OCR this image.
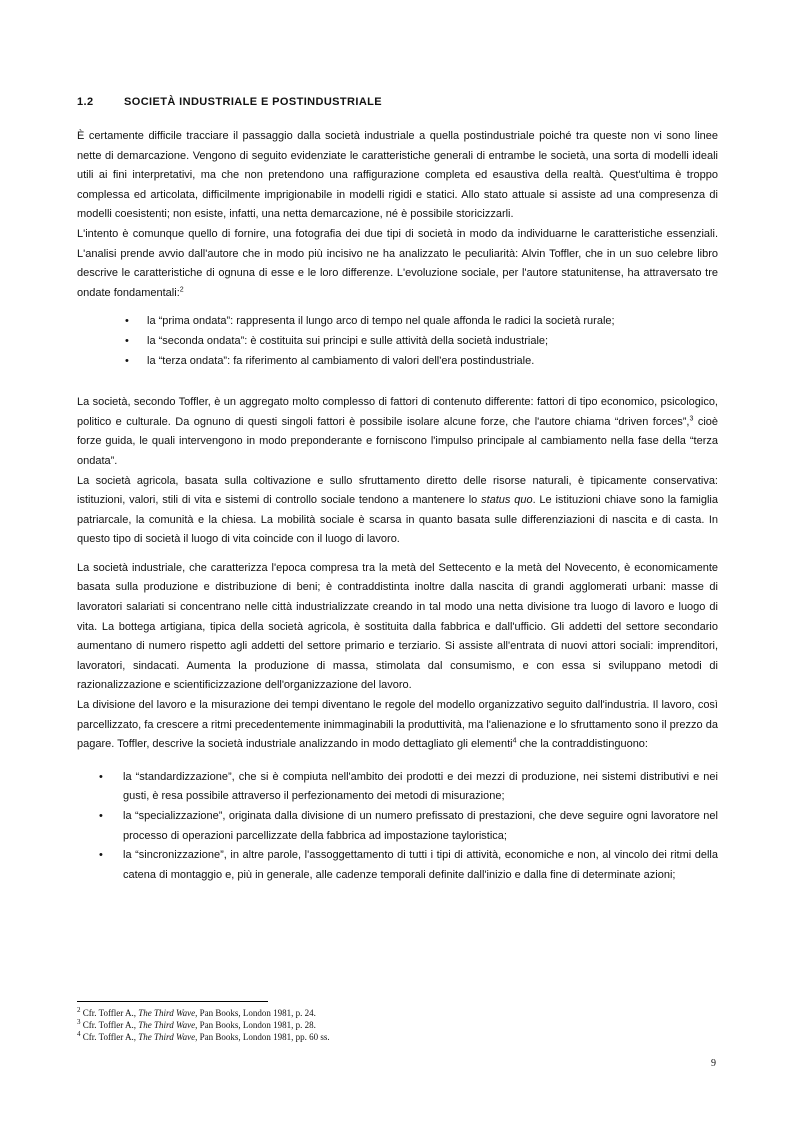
1.2	SOCIETÀ INDUSTRIALE E POSTINDUSTRIALE

È certamente difficile tracciare il passaggio dalla società industriale a quella postindustriale poiché tra queste non vi sono linee nette di demarcazione. Vengono di seguito evidenziate le caratteristiche generali di entrambe le società, una sorta di modelli ideali utili ai fini interpretativi, ma che non pretendono una raffigurazione completa ed esaustiva della realtà. Quest'ultima è troppo complessa ed articolata, difficilmente imprigionabile in modelli rigidi e statici. Allo stato attuale si assiste ad una compresenza di modelli coesistenti; non esiste, infatti, una netta demarcazione, né è possibile storicizzarli.

L'intento è comunque quello di fornire, una fotografia dei due tipi di società in modo da individuarne le caratteristiche essenziali. L'analisi prende avvio dall'autore che in modo più incisivo ne ha analizzato le peculiarità: Alvin Toffler, che in un suo celebre libro descrive le caratteristiche di ognuna di esse e le loro differenze. L'evoluzione sociale, per l'autore statunitense, ha attraversato tre ondate fondamentali:$^2$

• la “prima ondata”: rappresenta il lungo arco di tempo nel quale affonda le radici la società rurale;
• la “seconda ondata”: è costituita sui principi e sulle attività della società industriale;
• la “terza ondata”: fa riferimento al cambiamento di valori dell'era postindustriale.

La società, secondo Toffler, è un aggregato molto complesso di fattori di contenuto differente: fattori di tipo economico, psicologico, politico e culturale. Da ognuno di questi singoli fattori è possibile isolare alcune forze, che l'autore chiama “driven forces”,$^3$ cioè forze guida, le quali intervengono in modo preponderante e forniscono l'impulso principale al cambiamento nella fase della “terza ondata”.

La società agricola, basata sulla coltivazione e sullo sfruttamento diretto delle risorse naturali, è tipicamente conservativa: istituzioni, valori, stili di vita e sistemi di controllo sociale tendono a mantenere lo status quo. Le istituzioni chiave sono la famiglia patriarcale, la comunità e la chiesa. La mobilità sociale è scarsa in quanto basata sulle differenziazioni di nascita e di casta. In questo tipo di società il luogo di vita coincide con il luogo di lavoro.

La società industriale, che caratterizza l'epoca compresa tra la metà del Settecento e la metà del Novecento, è economicamente basata sulla produzione e distribuzione di beni; è contraddistinta inoltre dalla nascita di grandi agglomerati urbani: masse di lavoratori salariati si concentrano nelle città industrializzate creando in tal modo una netta divisione tra luogo di lavoro e luogo di vita. La bottega artigiana, tipica della società agricola, è sostituita dalla fabbrica e dall'ufficio. Gli addetti del settore secondario aumentano di numero rispetto agli addetti del settore primario e terziario. Si assiste all'entrata di nuovi attori sociali: imprenditori, lavoratori, sindacati. Aumenta la produzione di massa, stimolata dal consumismo, e con essa si sviluppano metodi di razionalizzazione e scientificizzazione dell'organizzazione del lavoro.

La divisione del lavoro e la misurazione dei tempi diventano le regole del modello organizzativo seguito dall'industria. Il lavoro, così parcellizzato, fa crescere a ritmi precedentemente inimmaginabili la produttività, ma l'alienazione e lo sfruttamento sono il prezzo da pagare. Toffler, descrive la società industriale analizzando in modo dettagliato gli elementi$^4$ che la contraddistinguono:

• la “standardizzazione”, che si è compiuta nell'ambito dei prodotti e dei mezzi di produzione, nei sistemi distributivi e nei gusti, è resa possibile attraverso il perfezionamento dei metodi di misurazione;
• la “specializzazione”, originata dalla divisione di un numero prefissato di prestazioni, che deve seguire ogni lavoratore nel processo di operazioni parcellizzate della fabbrica ad impostazione tayloristica;
• la “sincronizzazione”, in altre parole, l'assoggettamento di tutti i tipi di attività, economiche e non, al vincolo dei ritmi della catena di montaggio e, più in generale, alle cadenze temporali definite dall'inizio e dalla fine di determinate azioni;
$^2$ Cfr. Toffler A., The Third Wave, Pan Books, London 1981, p. 24.
$^3$ Cfr. Toffler A., The Third Wave, Pan Books, London 1981, p. 28.
$^4$ Cfr. Toffler A., The Third Wave, Pan Books, London 1981, pp. 60 ss.
9
